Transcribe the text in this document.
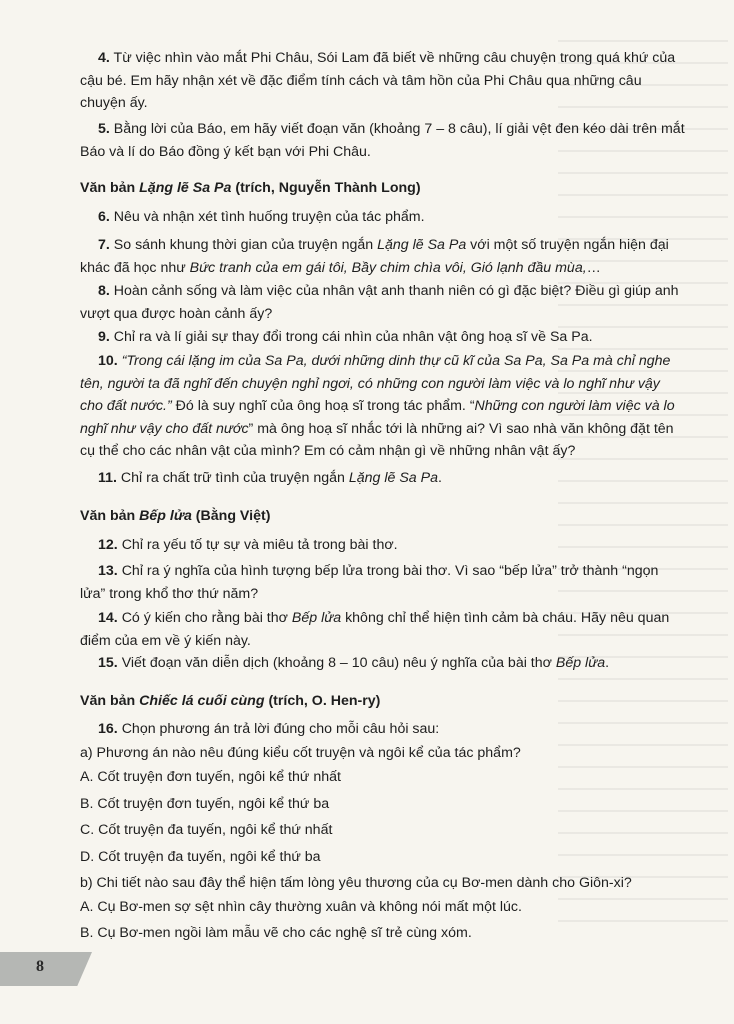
4. Từ việc nhìn vào mắt Phi Châu, Sói Lam đã biết về những câu chuyện trong quá khứ của cậu bé. Em hãy nhận xét về đặc điểm tính cách và tâm hồn của Phi Châu qua những câu chuyện ấy.

5. Bằng lời của Báo, em hãy viết đoạn văn (khoảng 7 – 8 câu), lí giải vệt đen kéo dài trên mắt Báo và lí do Báo đồng ý kết bạn với Phi Châu.

Văn bản Lặng lẽ Sa Pa (trích, Nguyễn Thành Long)

6. Nêu và nhận xét tình huống truyện của tác phẩm.

7. So sánh khung thời gian của truyện ngắn Lặng lẽ Sa Pa với một số truyện ngắn hiện đại khác đã học như Bức tranh của em gái tôi, Bầy chim chìa vôi, Gió lạnh đầu mùa,…

8. Hoàn cảnh sống và làm việc của nhân vật anh thanh niên có gì đặc biệt? Điều gì giúp anh vượt qua được hoàn cảnh ấy?

9. Chỉ ra và lí giải sự thay đổi trong cái nhìn của nhân vật ông hoạ sĩ về Sa Pa.

10. “Trong cái lặng im của Sa Pa, dưới những dinh thự cũ kĩ của Sa Pa, Sa Pa mà chỉ nghe tên, người ta đã nghĩ đến chuyện nghỉ ngơi, có những con người làm việc và lo nghĩ như vậy cho đất nước.” Đó là suy nghĩ của ông hoạ sĩ trong tác phẩm. “Những con người làm việc và lo nghĩ như vậy cho đất nước” mà ông hoạ sĩ nhắc tới là những ai? Vì sao nhà văn không đặt tên cụ thể cho các nhân vật của mình? Em có cảm nhận gì về những nhân vật ấy?

11. Chỉ ra chất trữ tình của truyện ngắn Lặng lẽ Sa Pa.

Văn bản Bếp lửa (Bằng Việt)

12. Chỉ ra yếu tố tự sự và miêu tả trong bài thơ.

13. Chỉ ra ý nghĩa của hình tượng bếp lửa trong bài thơ. Vì sao “bếp lửa” trở thành “ngọn lửa” trong khổ thơ thứ năm?

14. Có ý kiến cho rằng bài thơ Bếp lửa không chỉ thể hiện tình cảm bà cháu. Hãy nêu quan điểm của em về ý kiến này.

15. Viết đoạn văn diễn dịch (khoảng 8 – 10 câu) nêu ý nghĩa của bài thơ Bếp lửa.

Văn bản Chiếc lá cuối cùng (trích, O. Hen-ry)

16. Chọn phương án trả lời đúng cho mỗi câu hỏi sau:

a) Phương án nào nêu đúng kiểu cốt truyện và ngôi kể của tác phẩm?

A. Cốt truyện đơn tuyến, ngôi kể thứ nhất

B. Cốt truyện đơn tuyến, ngôi kể thứ ba

C. Cốt truyện đa tuyến, ngôi kể thứ nhất

D. Cốt truyện đa tuyến, ngôi kể thứ ba

b) Chi tiết nào sau đây thể hiện tấm lòng yêu thương của cụ Bơ-men dành cho Giôn-xi?

A. Cụ Bơ-men sợ sệt nhìn cây thường xuân và không nói mất một lúc.

B. Cụ Bơ-men ngồi làm mẫu vẽ cho các nghệ sĩ trẻ cùng xóm.

8
